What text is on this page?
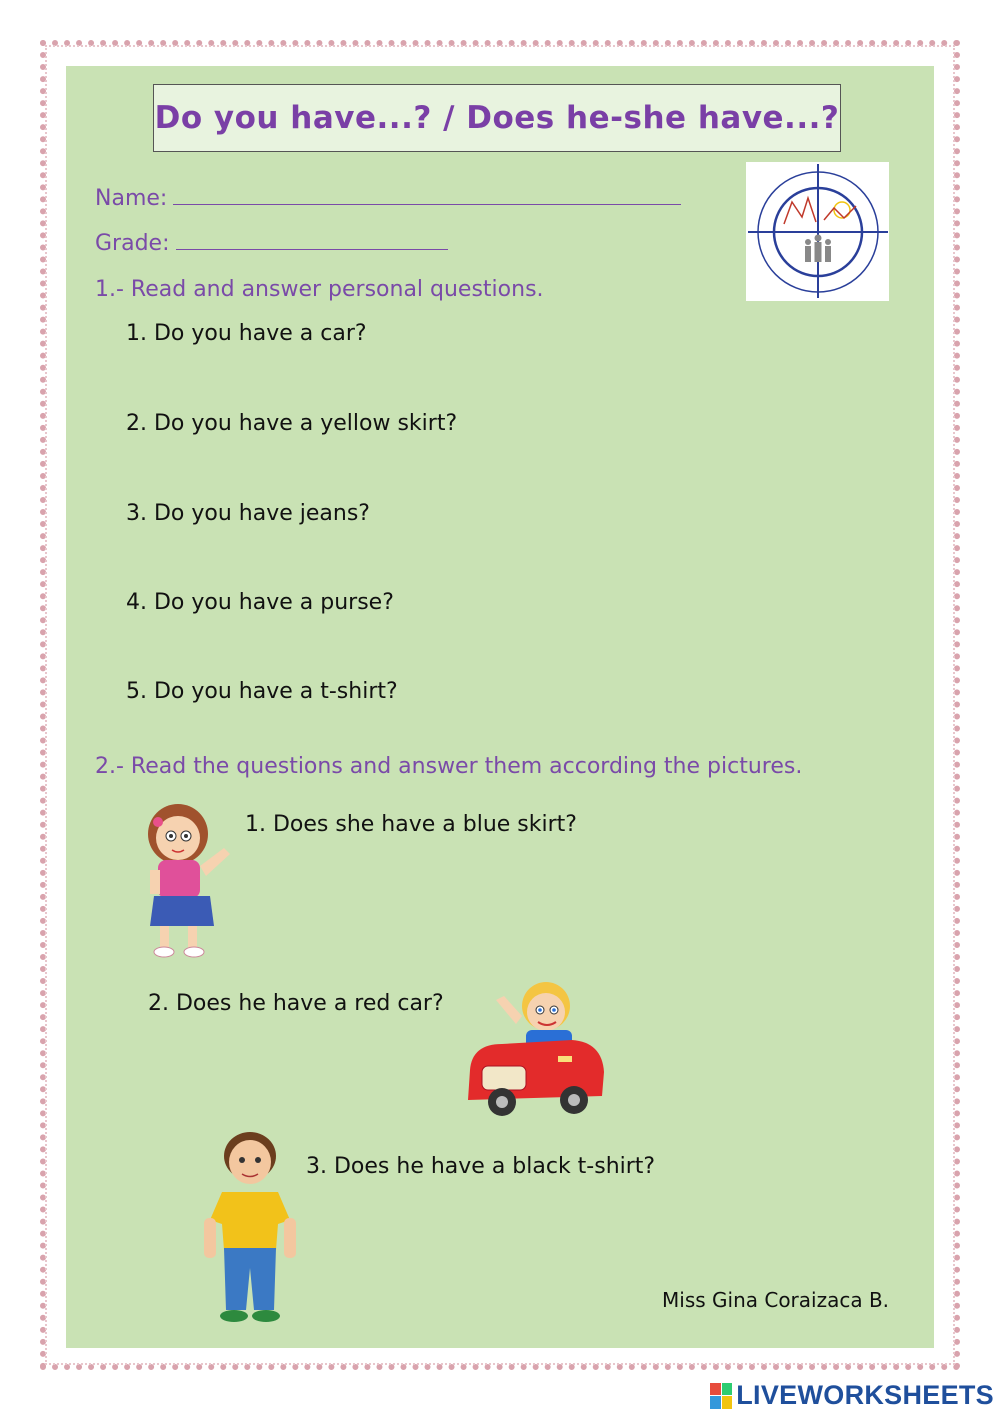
Do you have...? / Does he-she have...?
Name:
Grade:
1.- Read and answer personal questions.
1. Do you have a car?
2. Do you have a yellow skirt?
3. Do you have jeans?
4. Do you have a purse?
5. Do you have a t-shirt?
2.- Read the questions and answer them according the pictures.
1. Does she have a blue skirt?
2. Does he have a red car?
3. Does he have a black t-shirt?
Miss Gina Coraizaca B.
LIVEWORKSHEETS
